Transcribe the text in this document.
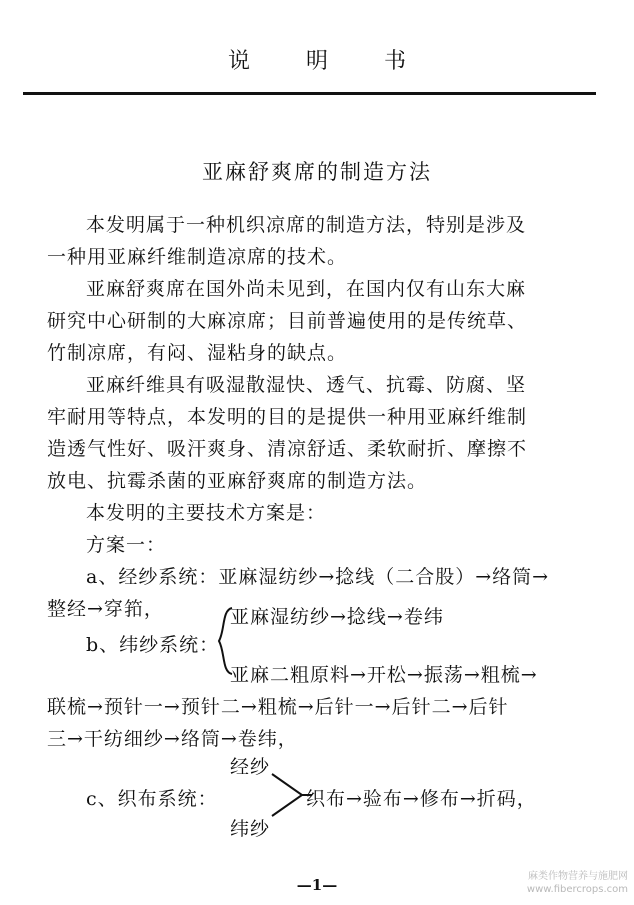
说明书
亚麻舒爽席的制造方法
本发明属于一种机织凉席的制造方法，特别是涉及
一种用亚麻纤维制造凉席的技术。
亚麻舒爽席在国外尚未见到，在国内仅有山东大麻
研究中心研制的大麻凉席；目前普遍使用的是传统草、
竹制凉席，有闷、湿粘身的缺点。
亚麻纤维具有吸湿散湿快、透气、抗霉、防腐、坚
牢耐用等特点，本发明的目的是提供一种用亚麻纤维制
造透气性好、吸汗爽身、清凉舒适、柔软耐折、摩擦不
放电、抗霉杀菌的亚麻舒爽席的制造方法。
本发明的主要技术方案是：
方案一：
a、经纱系统：亚麻湿纺纱→捻线（二合股）→络筒→
整经→穿筘，
b、纬纱系统：
亚麻湿纺纱→捻线→卷纬
亚麻二粗原料→开松→振荡→粗梳→
联梳→预针一→预针二→粗梳→后针一→后针二→后针
三→干纺细纱→络筒→卷纬，
经纱
c、织布系统：	织布→验布→修布→折码，
纬纱
—1—	麻类作物营养与施肥网
www.fibercrops.com
